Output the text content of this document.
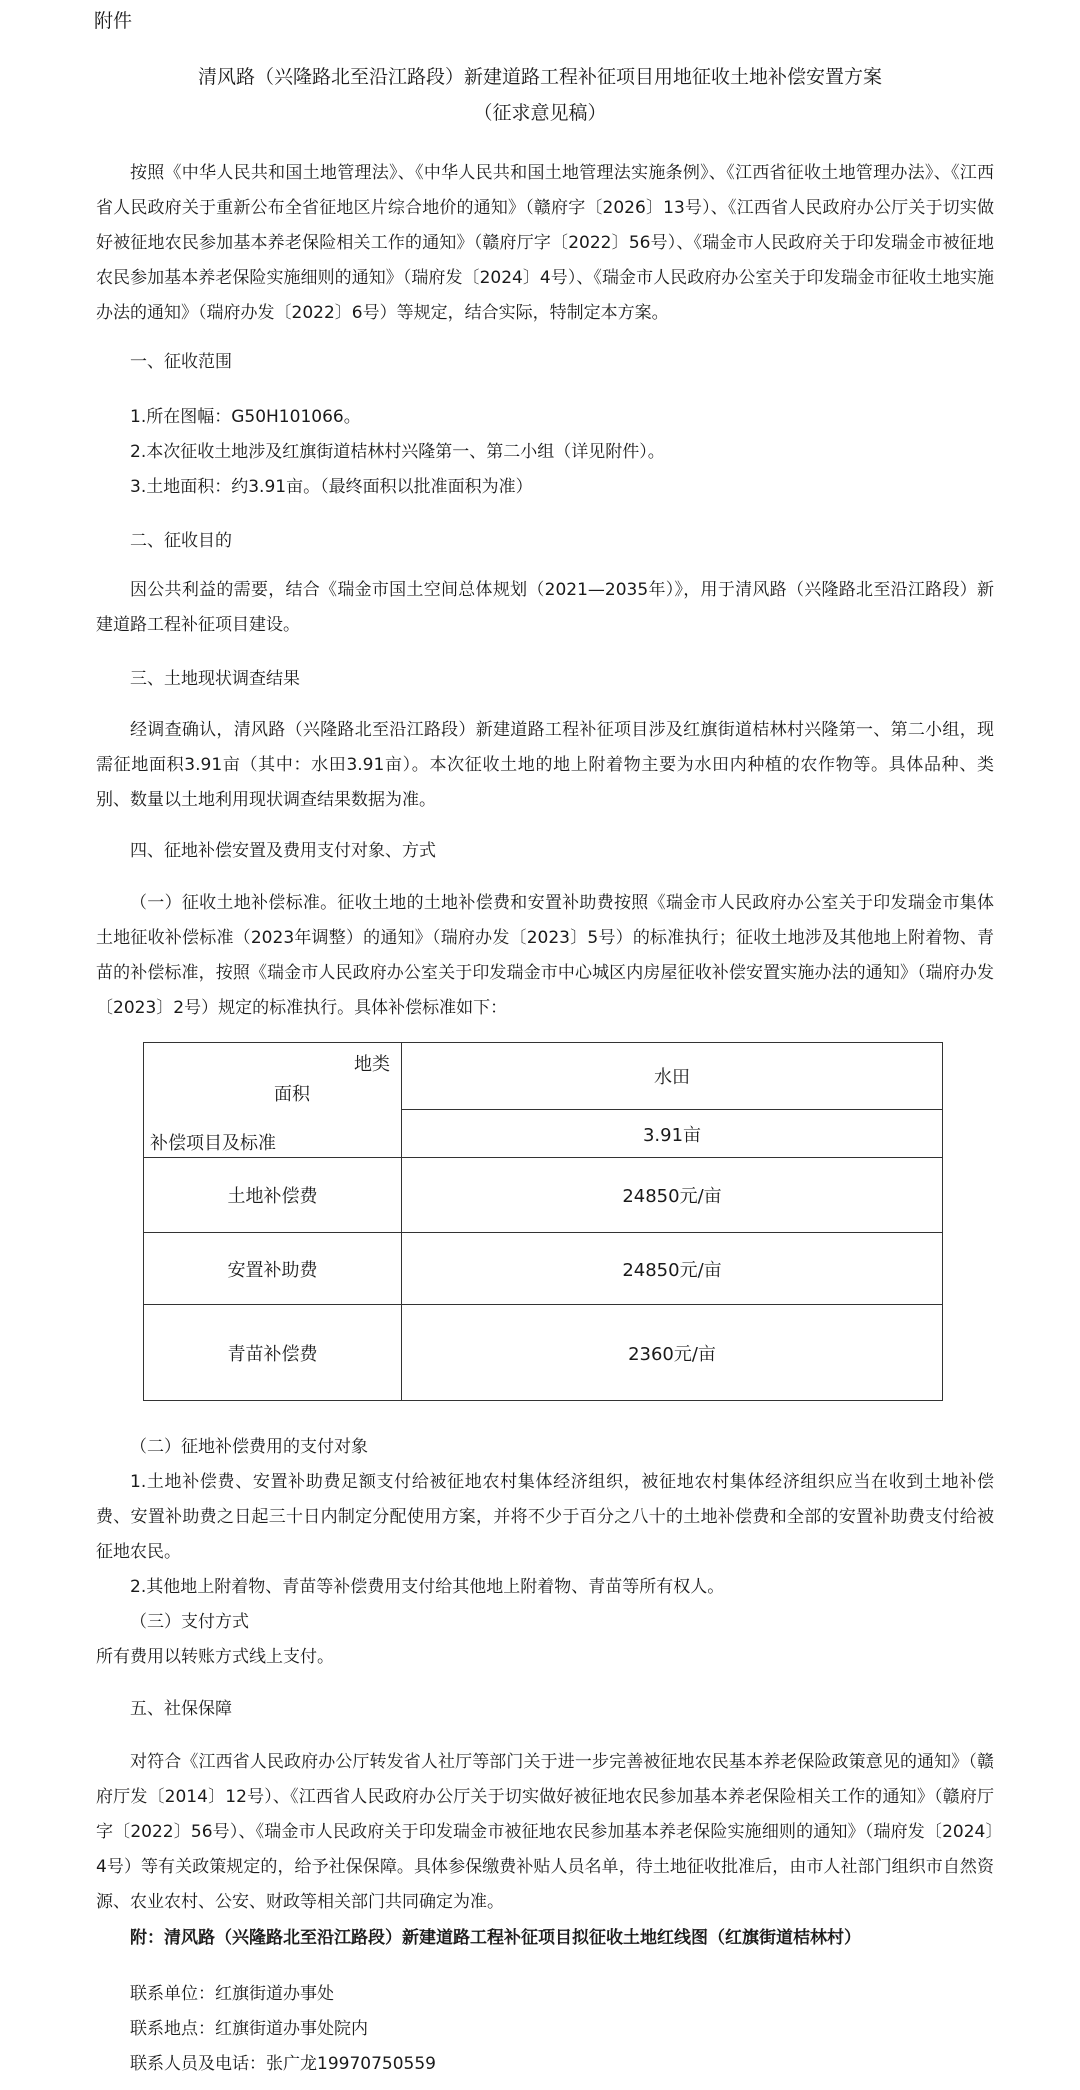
附件

清风路（兴隆路北至沿江路段）新建道路工程补征项目用地征收土地补偿安置方案

（征求意见稿）

按照《中华人民共和国土地管理法》、《中华人民共和国土地管理法实施条例》、《江西省征收土地管理办法》、《江西省人民政府关于重新公布全省征地区片综合地价的通知》（赣府字〔2026〕13号）、《江西省人民政府办公厅关于切实做好被征地农民参加基本养老保险相关工作的通知》（赣府厅字〔2022〕56号）、《瑞金市人民政府关于印发瑞金市被征地农民参加基本养老保险实施细则的通知》（瑞府发〔2024〕4号）、《瑞金市人民政府办公室关于印发瑞金市征收土地实施办法的通知》（瑞府办发〔2022〕6号）等规定，结合实际，特制定本方案。

一、征收范围

1.所在图幅：G50H101066。

2.本次征收土地涉及红旗街道桔林村兴隆第一、第二小组（详见附件）。

3.土地面积：约3.91亩。（最终面积以批准面积为准）

二、征收目的

因公共利益的需要，结合《瑞金市国土空间总体规划（2021—2035年）》，用于清风路（兴隆路北至沿江路段）新建道路工程补征项目建设。

三、土地现状调查结果

经调查确认，清风路（兴隆路北至沿江路段）新建道路工程补征项目涉及红旗街道桔林村兴隆第一、第二小组，现需征地面积3.91亩（其中：水田3.91亩）。本次征收土地的地上附着物主要为水田内种植的农作物等。具体品种、类别、数量以土地利用现状调查结果数据为准。

四、征地补偿安置及费用支付对象、方式

（一）征收土地补偿标准。征收土地的土地补偿费和安置补助费按照《瑞金市人民政府办公室关于印发瑞金市集体土地征收补偿标准（2023年调整）的通知》（瑞府办发〔2023〕5号）的标准执行；征收土地涉及其他地上附着物、青苗的补偿标准，按照《瑞金市人民政府办公室关于印发瑞金市中心城区内房屋征收补偿安置实施办法的通知》（瑞府办发〔2023〕2号）规定的标准执行。具体补偿标准如下：

地类
面积
补偿项目及标准	水田
	3.91亩
土地补偿费	24850元/亩
安置补助费	24850元/亩
青苗补偿费	2360元/亩

（二）征地补偿费用的支付对象

1.土地补偿费、安置补助费足额支付给被征地农村集体经济组织，被征地农村集体经济组织应当在收到土地补偿费、安置补助费之日起三十日内制定分配使用方案，并将不少于百分之八十的土地补偿费和全部的安置补助费支付给被征地农民。

2.其他地上附着物、青苗等补偿费用支付给其他地上附着物、青苗等所有权人。

（三）支付方式

所有费用以转账方式线上支付。

五、社保保障

对符合《江西省人民政府办公厅转发省人社厅等部门关于进一步完善被征地农民基本养老保险政策意见的通知》（赣府厅发〔2014〕12号）、《江西省人民政府办公厅关于切实做好被征地农民参加基本养老保险相关工作的通知》（赣府厅字〔2022〕56号）、《瑞金市人民政府关于印发瑞金市被征地农民参加基本养老保险实施细则的通知》（瑞府发〔2024〕4号）等有关政策规定的，给予社保保障。具体参保缴费补贴人员名单，待土地征收批准后，由市人社部门组织市自然资源、农业农村、公安、财政等相关部门共同确定为准。

附：清风路（兴隆路北至沿江路段）新建道路工程补征项目拟征收土地红线图（红旗街道桔林村）

联系单位：红旗街道办事处

联系地点：红旗街道办事处院内

联系人员及电话：张广龙19970750559
